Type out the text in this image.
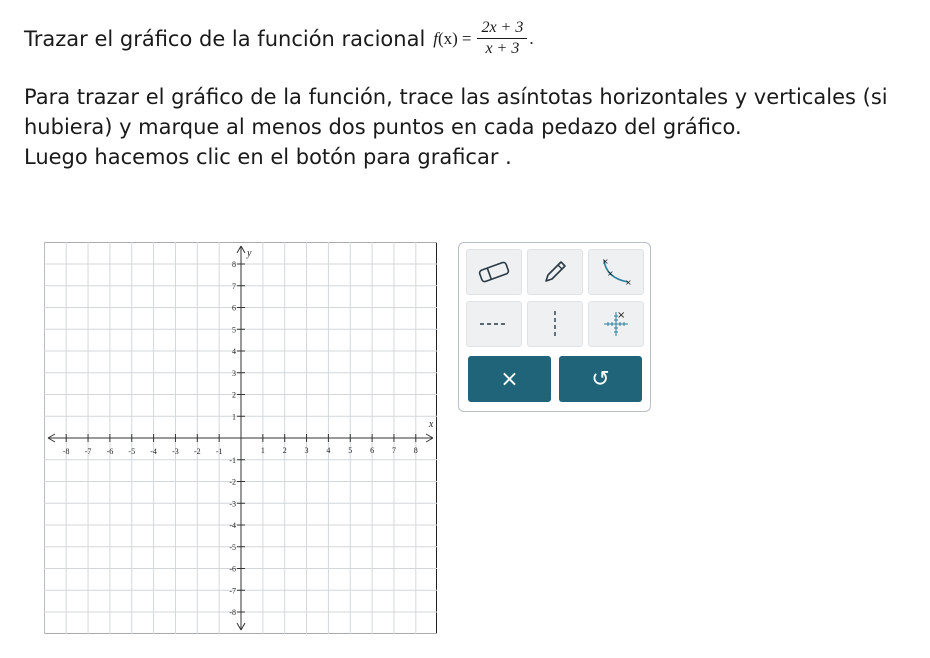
Trazar el gráfico de la función racional f $(x) = \frac{2x + 3}{x + 3}$ .

Para trazar el gráfico de la función, trace las asíntotas horizontales y verticales (si hubiera) y marque al menos dos puntos en cada pedazo del gráfico.

Luego hacemos clic en el botón para graficar .

x
y
-8 -7 -6 -5 -4 -3 -2 -1	1 2 3 4 5 6 7 8
8
7
6
5
4
3
2
1
-1
-2
-3
-4
-5
-6
-7
-8
×
×
×
×
×	↺
